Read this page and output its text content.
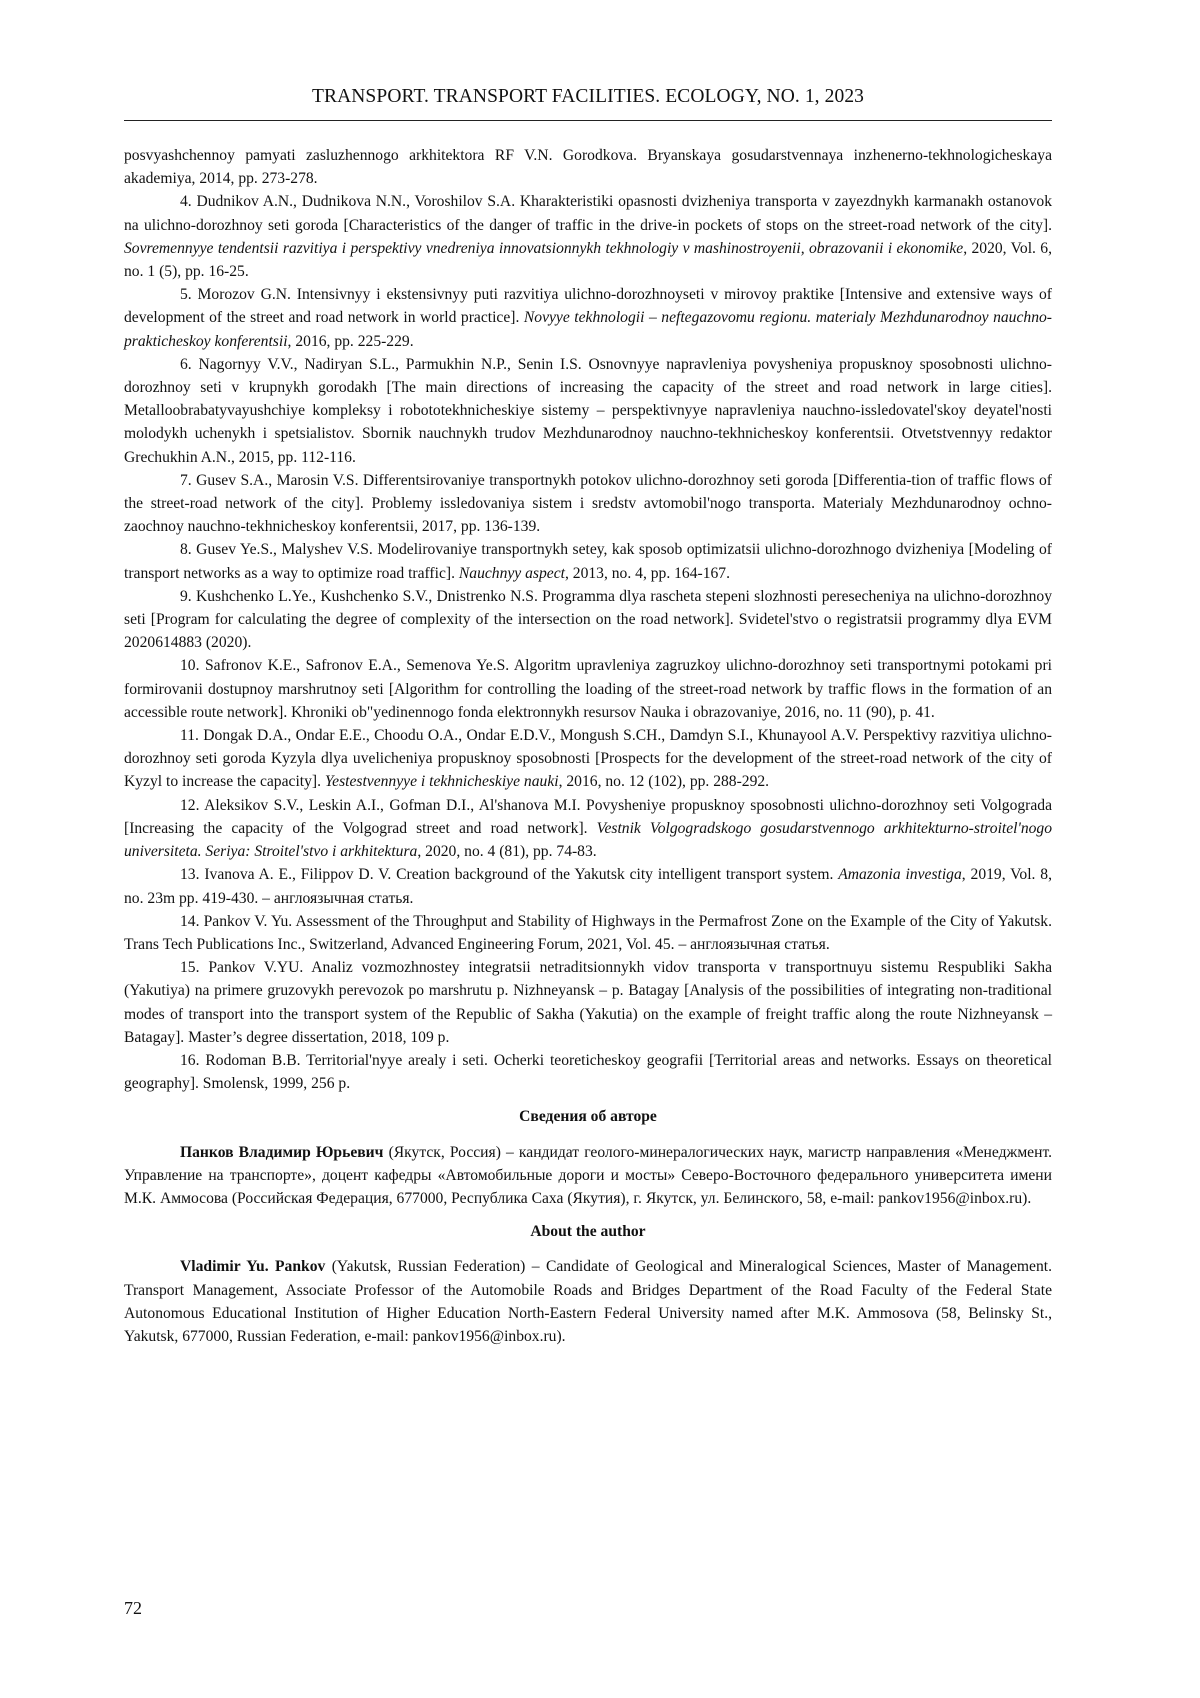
TRANSPORT. TRANSPORT FACILITIES. ECOLOGY, NO. 1, 2023

posvyashchennoy pamyati zasluzhennogo arkhitektora RF V.N. Gorodkova. Bryanskaya gosudarstvennaya inzhenerno-tekhnologicheskaya akademiya, 2014, pp. 273-278.

4. Dudnikov A.N., Dudnikova N.N., Voroshilov S.A. Kharakteristiki opasnosti dvizheniya transporta v zayezdnykh karmanakh ostanovok na ulichno-dorozhnoy seti goroda [Characteristics of the danger of traffic in the drive-in pockets of stops on the street-road network of the city]. Sovremennyye tendentsii razvitiya i perspektivy vnedreniya innovatsionnykh tekhnologiy v mashinostroyenii, obrazovanii i ekonomike, 2020, Vol. 6, no. 1 (5), pp. 16-25.

5. Morozov G.N. Intensivnyy i ekstensivnyy puti razvitiya ulichno-dorozhnoyseti v mirovoy praktike [Intensive and extensive ways of development of the street and road network in world practice]. Novyye tekhnologii – neftegazovomu regionu. materialy Mezhdunarodnoy nauchno-prakticheskoy konferentsii, 2016, pp. 225-229.

6. Nagornyy V.V., Nadiryan S.L., Parmukhin N.P., Senin I.S. Osnovnyye napravleniya povysheniya propusknoy sposobnosti ulichno-dorozhnoy seti v krupnykh gorodakh [The main directions of increasing the capacity of the street and road network in large cities]. Metalloobrabatyvayushchiye kompleksy i robototekhnicheskiye sistemy – perspektivnyye napravleniya nauchno-issledovatel'skoy deyatel'nosti molodykh uchenykh i spetsialistov. Sbornik nauchnykh trudov Mezhdunarodnoy nauchno-tekhnicheskoy konferentsii. Otvetstvennyy redaktor Grechukhin A.N., 2015, pp. 112-116.

7. Gusev S.A., Marosin V.S. Differentsirovaniye transportnykh potokov ulichno-dorozhnoy seti goroda [Differentia-tion of traffic flows of the street-road network of the city]. Problemy issledovaniya sistem i sredstv avtomobil'nogo transporta. Materialy Mezhdunarodnoy ochno-zaochnoy nauchno-tekhnicheskoy konferentsii, 2017, pp. 136-139.

8. Gusev Ye.S., Malyshev V.S. Modelirovaniye transportnykh setey, kak sposob optimizatsii ulichno-dorozhnogo dvizheniya [Modeling of transport networks as a way to optimize road traffic]. Nauchnyy aspect, 2013, no. 4, pp. 164-167.

9. Kushchenko L.Ye., Kushchenko S.V., Dnistrenko N.S. Programma dlya rascheta stepeni slozhnosti peresecheniya na ulichno-dorozhnoy seti [Program for calculating the degree of complexity of the intersection on the road network]. Svidetel'stvo o registratsii programmy dlya EVM 2020614883 (2020).

10. Safronov K.E., Safronov E.A., Semenova Ye.S. Algoritm upravleniya zagruzkoy ulichno-dorozhnoy seti transportnymi potokami pri formirovanii dostupnoy marshrutnoy seti [Algorithm for controlling the loading of the street-road network by traffic flows in the formation of an accessible route network]. Khroniki ob"yedinennogo fonda elektronnykh resursov Nauka i obrazovaniye, 2016, no. 11 (90), p. 41.

11. Dongak D.A., Ondar E.E., Choodu O.A., Ondar E.D.V., Mongush S.CH., Damdyn S.I., Khunayool A.V. Perspektivy razvitiya ulichno-dorozhnoy seti goroda Kyzyla dlya uvelicheniya propusknoy sposobnosti [Prospects for the development of the street-road network of the city of Kyzyl to increase the capacity]. Yestestvennyye i tekhnicheskiye nauki, 2016, no. 12 (102), pp. 288-292.

12. Aleksikov S.V., Leskin A.I., Gofman D.I., Al'shanova M.I. Povysheniye propusknoy sposobnosti ulichno-dorozhnoy seti Volgograda [Increasing the capacity of the Volgograd street and road network]. Vestnik Volgogradskogo gosudarstvennogo arkhitekturno-stroitel'nogo universiteta. Seriya: Stroitel'stvo i arkhitektura, 2020, no. 4 (81), pp. 74-83.

13. Ivanova A. E., Filippov D. V. Creation background of the Yakutsk city intelligent transport system. Amazonia investiga, 2019, Vol. 8, no. 23m pp. 419-430. – англоязычная статья.

14. Pankov V. Yu. Assessment of the Throughput and Stability of Highways in the Permafrost Zone on the Example of the City of Yakutsk. Trans Tech Publications Inc., Switzerland, Advanced Engineering Forum, 2021, Vol. 45. – англоязычная статья.

15. Pankov V.YU. Analiz vozmozhnostey integratsii netraditsionnykh vidov transporta v transportnuyu sistemu Respubliki Sakha (Yakutiya) na primere gruzovykh perevozok po marshrutu p. Nizhneyansk – p. Batagay [Analysis of the possibilities of integrating non-traditional modes of transport into the transport system of the Republic of Sakha (Yakutia) on the example of freight traffic along the route Nizhneyansk – Batagay]. Master’s degree dissertation, 2018, 109 p.

16. Rodoman B.B. Territorial'nyye arealy i seti. Ocherki teoreticheskoy geografii [Territorial areas and networks. Essays on theoretical geography]. Smolensk, 1999, 256 p.

Сведения об авторе

Панков Владимир Юрьевич (Якутск, Россия) – кандидат геолого-минералогических наук, магистр направления «Менеджмент. Управление на транспорте», доцент кафедры «Автомобильные дороги и мосты» Северо-Восточного федерального университета имени М.К. Аммосова (Российская Федерация, 677000, Республика Саха (Якутия), г. Якутск, ул. Белинского, 58, e-mail: pankov1956@inbox.ru).

About the author

Vladimir Yu. Pankov (Yakutsk, Russian Federation) – Candidate of Geological and Mineralogical Sciences, Master of Management. Transport Management, Associate Professor of the Automobile Roads and Bridges Department of the Road Faculty of the Federal State Autonomous Educational Institution of Higher Education North-Eastern Federal University named after M.K. Ammosova (58, Belinsky St., Yakutsk, 677000, Russian Federation, e-mail: pankov1956@inbox.ru).

72
